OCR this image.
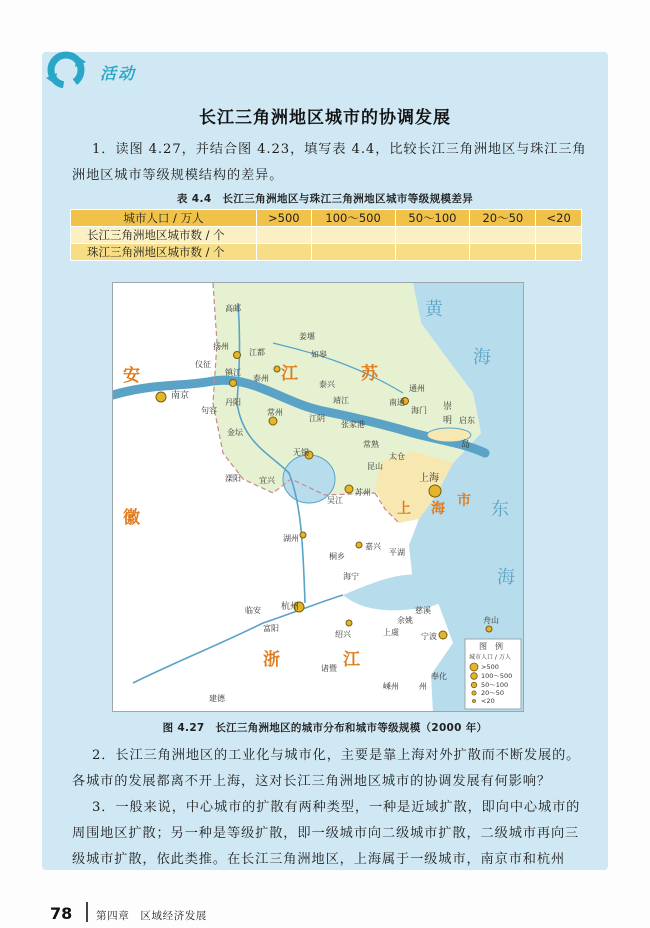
活动
长江三角洲地区城市的协调发展
1．读图 4.27，并结合图 4.23，填写表 4.4，比较长江三角洲地区与珠江三角洲地区城市等级规模结构的差异。
表 4.4　长江三角洲地区与珠江三角洲地区城市等级规模差异
城市人口 / 万人	>500	100～500	50～100	20～50	<20
长江三角洲地区城市数 / 个					
珠江三角洲地区城市数 / 个					
安
徽
江	苏
浙	江
上 海 市
黄
海
东
海
崇
明
岛
上海
南京
杭州
苏州
无锡
常州
镇江
扬州
泰州
南通
宁波
绍兴
湖州
嘉兴
舟山
仪征
江都
高邮
如皋
姜堰
泰兴
靖江
江阴
张家港
常熟
太仓
昆山
吴江
启东
海门
通州
丹阳
句容
金坛
溧阳 宜兴
平湖
桐乡
海宁
临安
富阳	上虞
余姚
慈溪
奉化
诸暨
嵊州
建德
州
图　例
城市人口 / 万人
>500
100～500
50～100
20～50
<20
图 4.27　长江三角洲地区的城市分布和城市等级规模（2000 年）
2．长江三角洲地区的工业化与城市化，主要是靠上海对外扩散而不断发展的。各城市的发展都离不开上海，这对长江三角洲地区城市的协调发展有何影响？
3．一般来说，中心城市的扩散有两种类型，一种是近域扩散，即向中心城市的周围地区扩散；另一种是等级扩散，即一级城市向二级城市扩散，二级城市再向三级城市扩散，依此类推。在长江三角洲地区，上海属于一级城市，南京市和杭州
78 第四章　区域经济发展
